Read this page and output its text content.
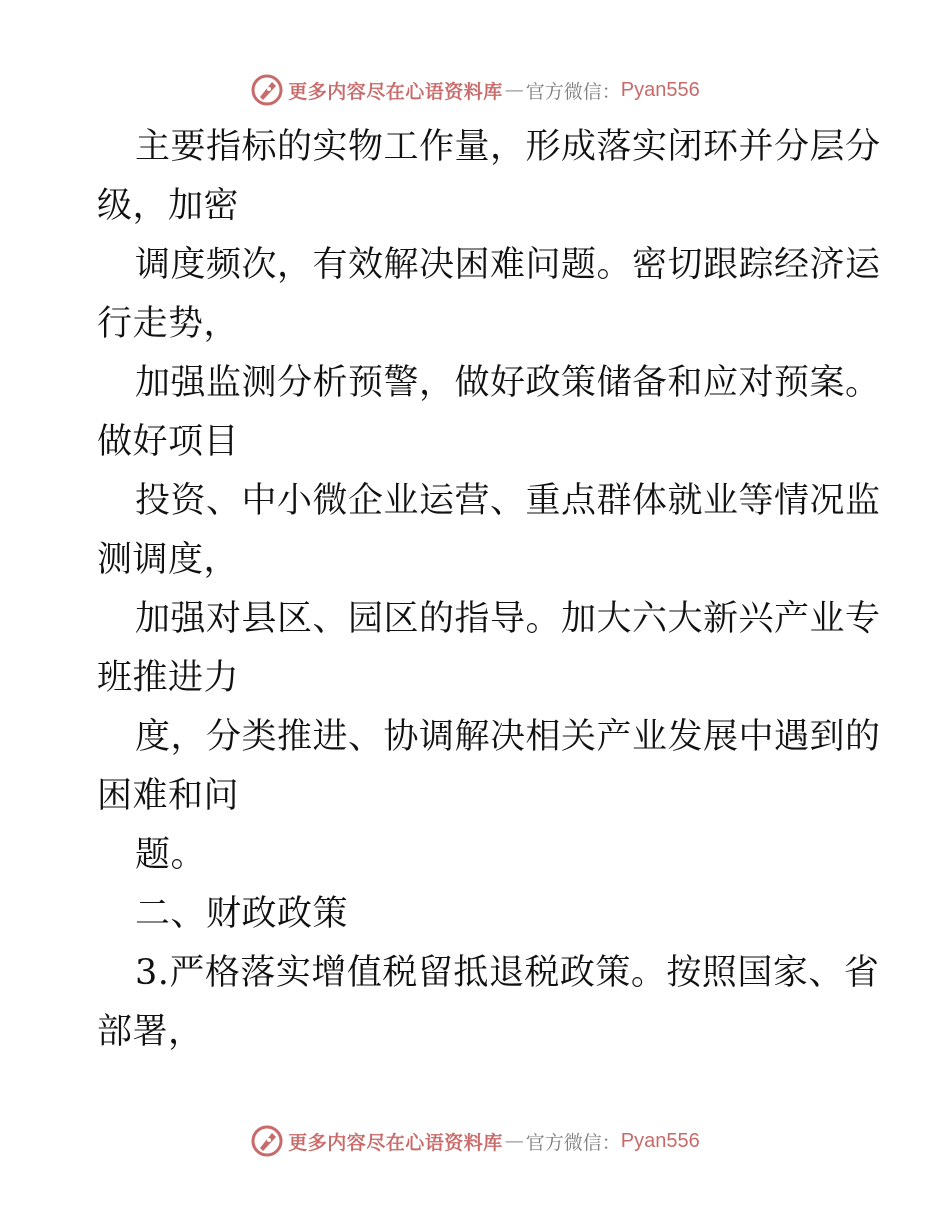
更多内容尽在心语资料库 — 官方微信： Pyan556

主要指标的实物工作量，形成落实闭环并分层分

级，加密

调度频次，有效解决困难问题。密切跟踪经济运

行走势，

加强监测分析预警，做好政策储备和应对预案。

做好项目

投资、中小微企业运营、重点群体就业等情况监

测调度，

加强对县区、园区的指导。加大六大新兴产业专

班推进力

度，分类推进、协调解决相关产业发展中遇到的

困难和问

题。

二、财政政策

3.严格落实增值税留抵退税政策。按照国家、省

部署，

更多内容尽在心语资料库 — 官方微信： Pyan556
